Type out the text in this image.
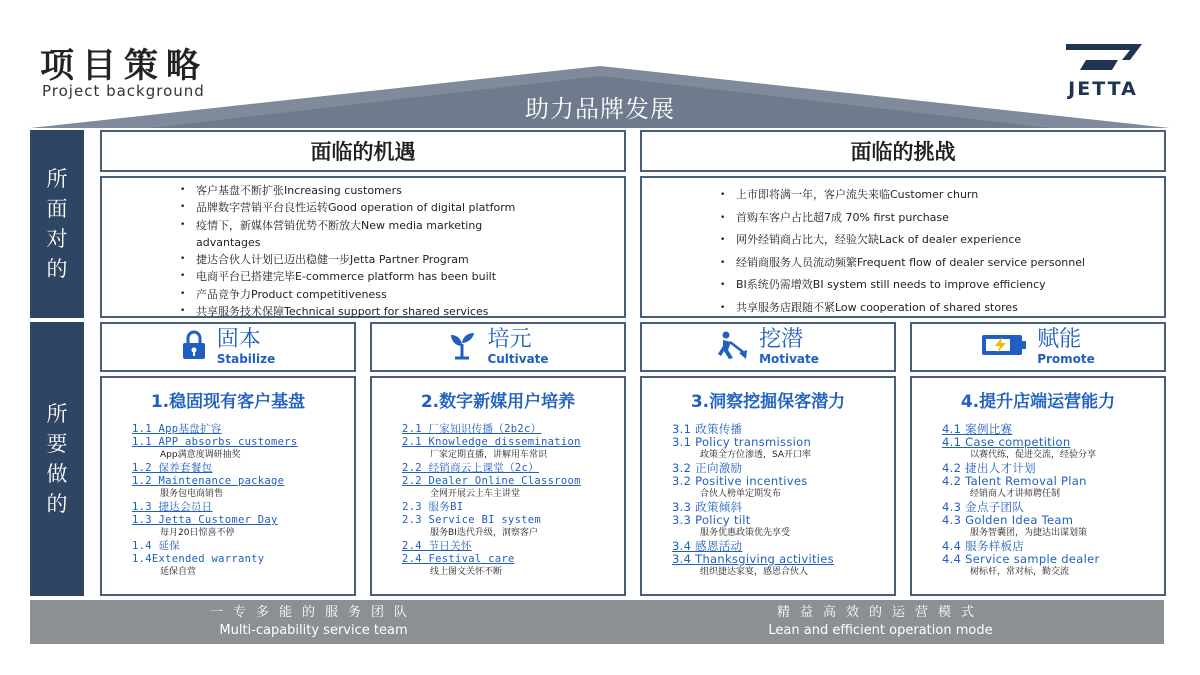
项目策略
Project background	JETTA
助力品牌发展
所面对的
所要做的
面临的机遇
• 客户基盘不断扩张Increasing customers
• 品牌数字营销平台良性运转Good operation of digital platform
• 疫情下，新媒体营销优势不断放大New media marketing advantages
• 捷达合伙人计划已迈出稳健一步Jetta Partner Program
• 电商平台已搭建完毕E-commerce platform has been built
• 产品竞争力Product competitiveness
• 共享服务技术保障Technical support for shared services
面临的挑战
• 上市即将满一年，客户流失来临Customer churn
• 首购车客户占比超7成 70% first purchase
• 网外经销商占比大，经验欠缺Lack of dealer experience
• 经销商服务人员流动频繁Frequent flow of dealer service personnel
• BI系统仍需增效BI system still needs to improve efficiency
• 共享服务店跟随不紧Low cooperation of shared stores
固本
Stabilize
培元
Cultivate
挖潜
Motivate
赋能
Promote
1.稳固现有客户基盘
1.1 App基盘扩容
1.1 APP absorbs customers
App满意度调研抽奖
1.2 保养套餐包
1.2 Maintenance package
服务包电商销售
1.3 捷达会员日
1.3 Jetta Customer Day
每月20日惊喜不停
1.4 延保
1.4Extended warranty
延保自营
2.数字新媒用户培养
2.1 厂家知识传播（2b2c）
2.1 Knowledge dissemination
厂家定期直播，讲解用车常识
2.2 经销商云上课堂（2c）
2.2 Dealer Online Classroom
全网开展云上车主讲堂
2.3 服务BI
2.3 Service BI system
服务BI迭代升级，洞察客户
2.4 节日关怀
2.4 Festival care
线上图文关怀不断
3.洞察挖掘保客潜力
3.1 政策传播
3.1 Policy transmission
政策全方位渗透，SA开口率
3.2 正向激励
3.2 Positive incentives
合伙人榜单定期发布
3.3 政策倾斜
3.3 Policy tilt
服务优惠政策优先享受
3.4 感恩活动
3.4 Thanksgiving activities
组织捷达家宴，感恩合伙人
4.提升店端运营能力
4.1 案例比赛
4.1 Case competition
以赛代练，促进交流，经验分享
4.2 捷出人才计划
4.2 Talent Removal Plan
经销商人才讲师聘任制
4.3 金点子团队
4.3 Golden Idea Team
服务智囊团，为捷达出谋划策
4.4 服务样板店
4.4 Service sample dealer
树标杆，常对标，勤交流
一专多能的服务团队
Multi-capability service team
精益高效的运营模式
Lean and efficient operation mode
